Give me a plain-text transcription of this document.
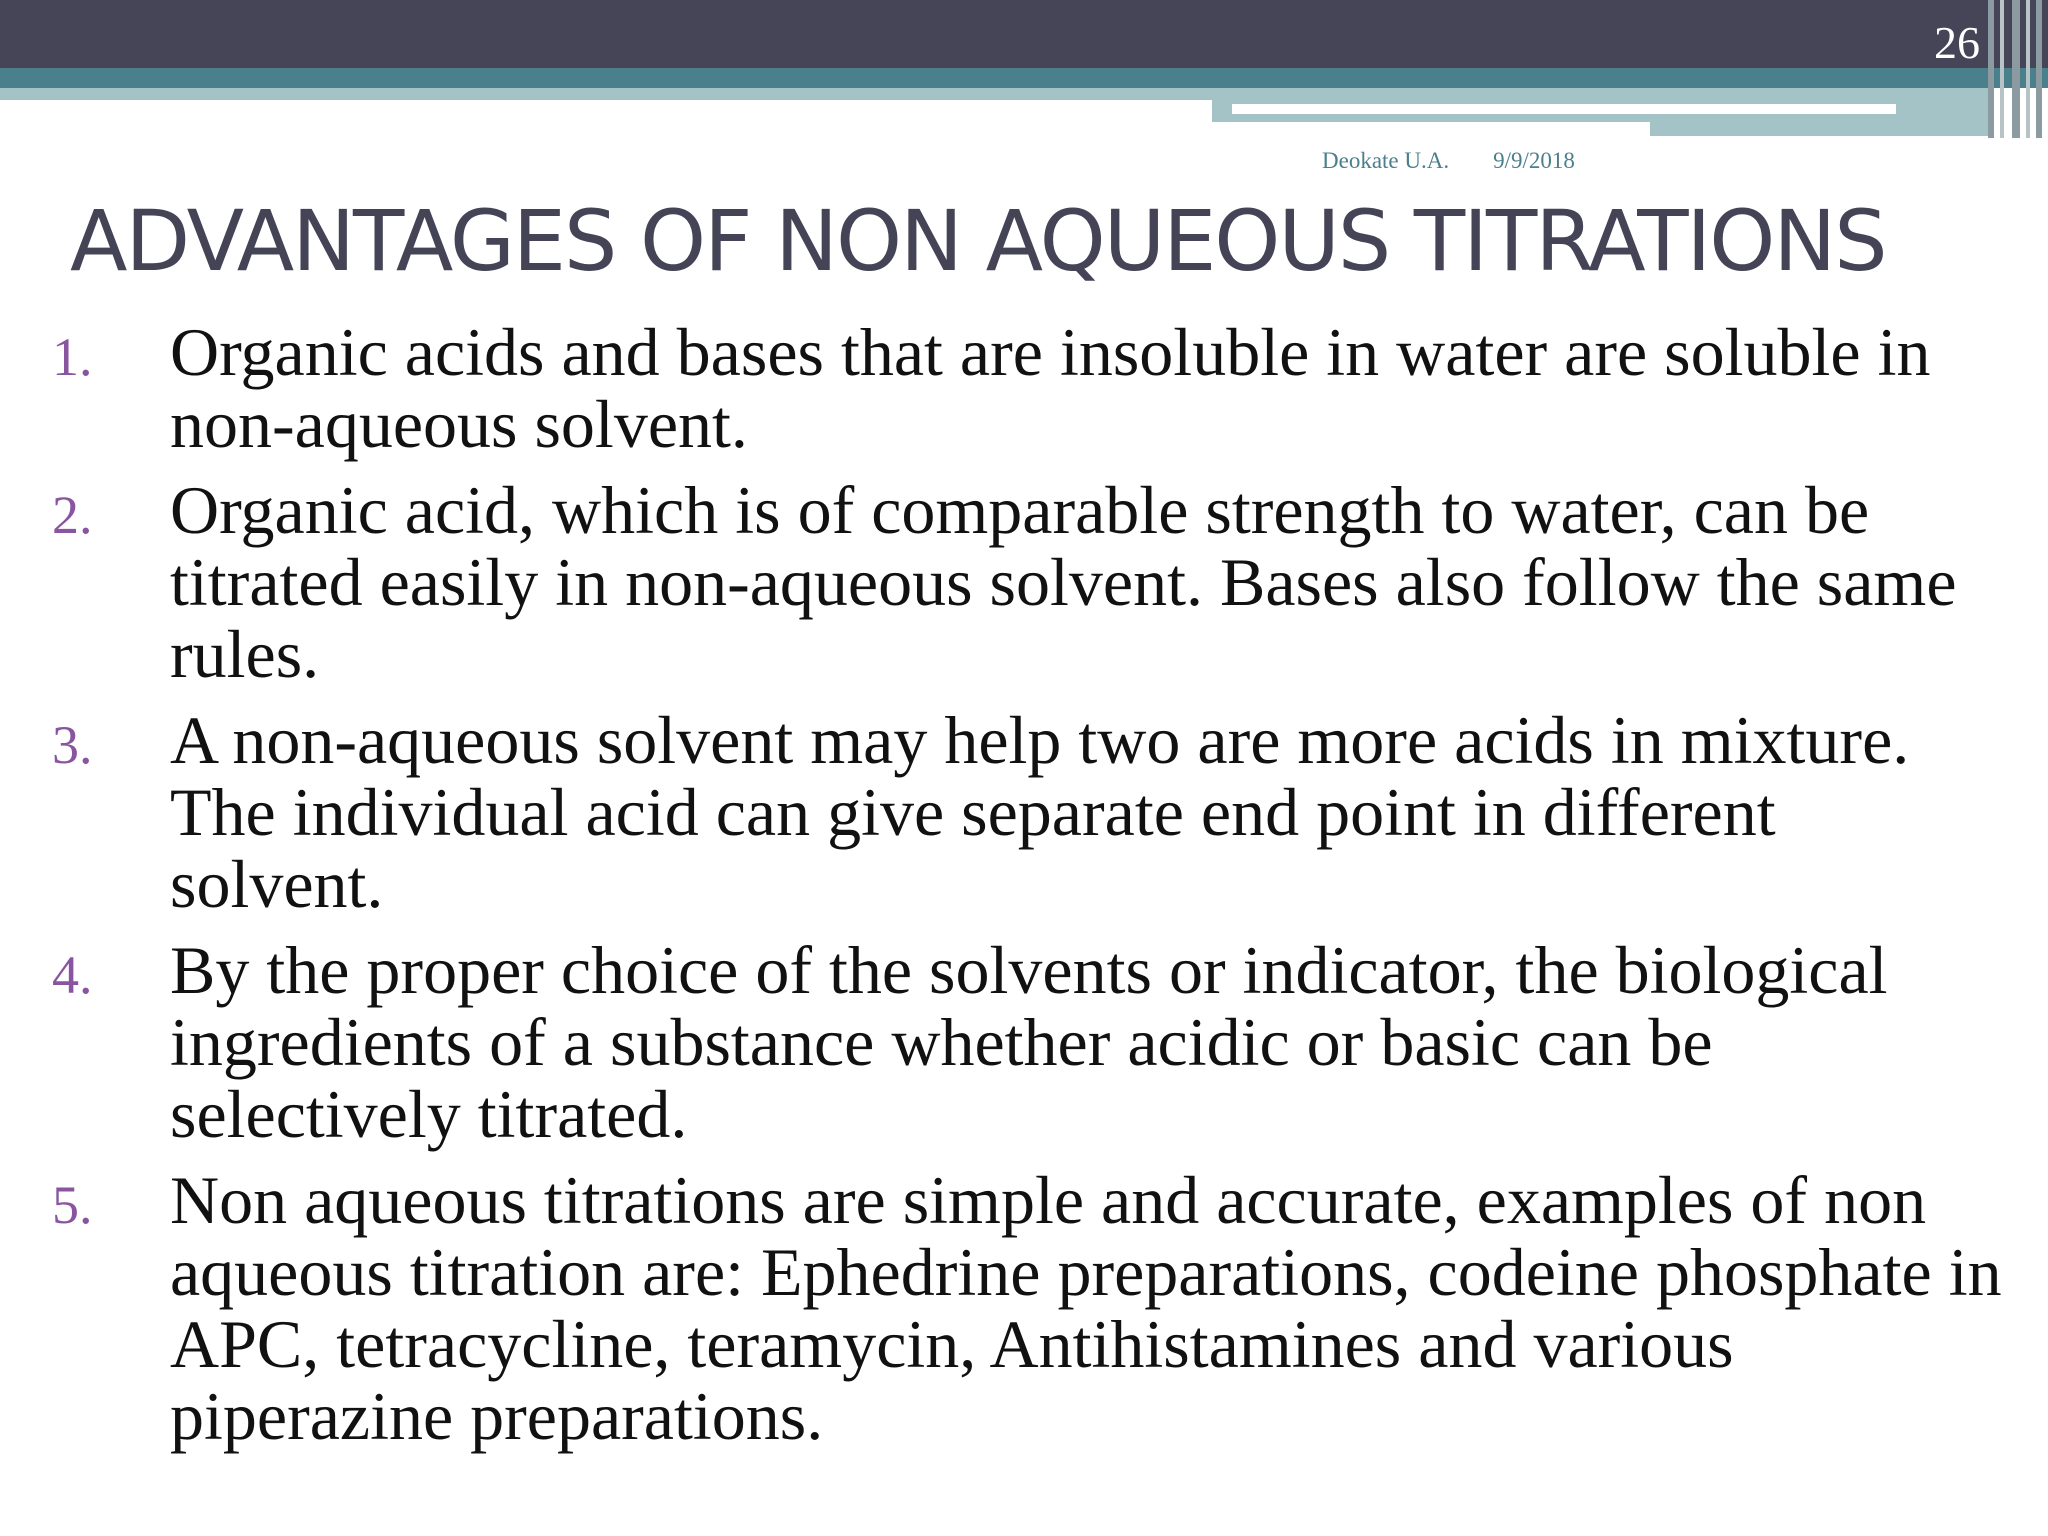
26
Deokate U.A. 9/9/2018
ADVANTAGES OF NON AQUEOUS TITRATIONS
1.	Organic acids and bases that are insoluble in water are soluble in non-aqueous solvent.
2.	Organic acid, which is of comparable strength to water, can be titrated easily in non-aqueous solvent. Bases also follow the same rules.
3.	A non-aqueous solvent may help two are more acids in mixture. The individual acid can give separate end point in different solvent.
4.	By the proper choice of the solvents or indicator, the biological ingredients of a substance whether acidic or basic can be selectively titrated.
5.	Non aqueous titrations are simple and accurate, examples of non aqueous titration are: Ephedrine preparations, codeine phosphate in APC, tetracycline, teramycin, Antihistamines and various piperazine preparations.
